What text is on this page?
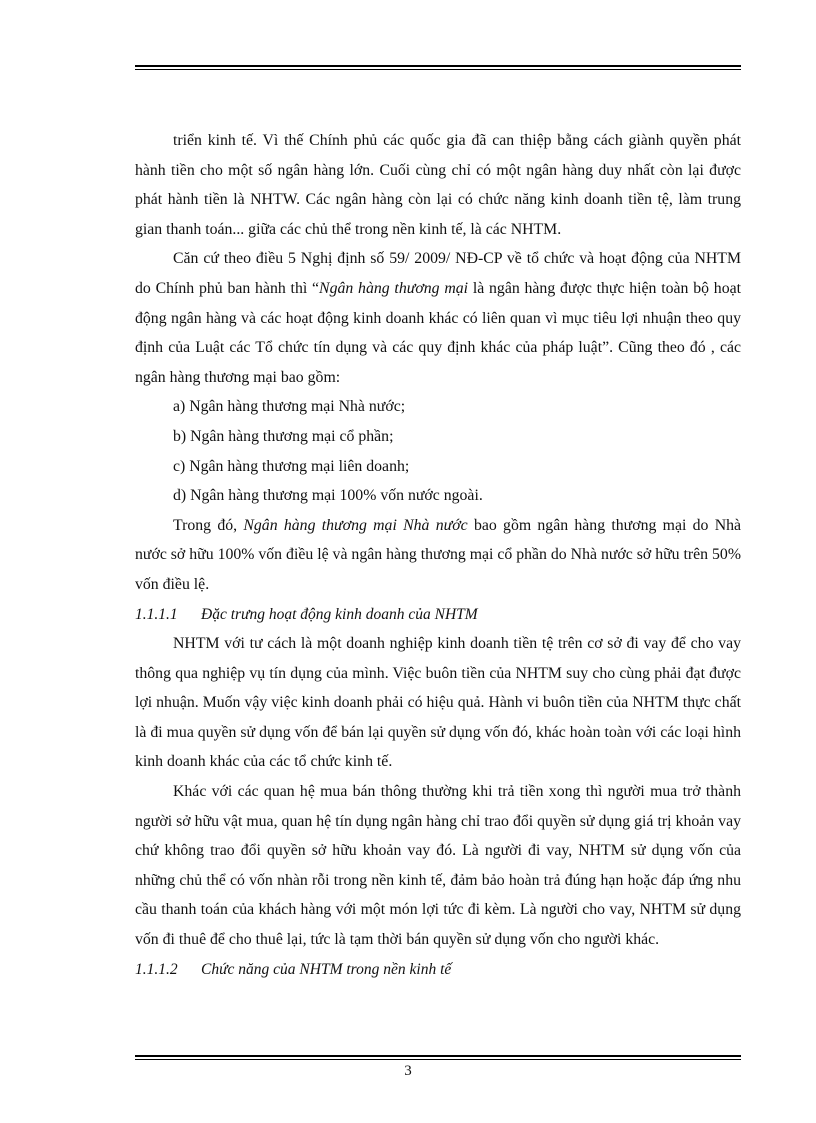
triển kinh tế. Vì thế Chính phủ các quốc gia đã can thiệp bằng cách giành quyền phát hành tiền cho một số ngân hàng lớn. Cuối cùng chỉ có một ngân hàng duy nhất còn lại được phát hành tiền là NHTW. Các ngân hàng còn lại có chức năng kinh doanh tiền tệ, làm trung gian thanh toán... giữa các chủ thể trong nền kinh tế, là các NHTM.

Căn cứ theo điều 5 Nghị định số 59/ 2009/ NĐ-CP về tổ chức và hoạt động của NHTM do Chính phủ ban hành thì “Ngân hàng thương mại là ngân hàng được thực hiện toàn bộ hoạt động ngân hàng và các hoạt động kinh doanh khác có liên quan vì mục tiêu lợi nhuận theo quy định của Luật các Tổ chức tín dụng và các quy định khác của pháp luật”. Cũng theo đó , các ngân hàng thương mại bao gồm:

a) Ngân hàng thương mại Nhà nước;

b) Ngân hàng thương mại cổ phần;

c) Ngân hàng thương mại liên doanh;

d) Ngân hàng thương mại 100% vốn nước ngoài.

Trong đó, Ngân hàng thương mại Nhà nước bao gồm ngân hàng thương mại do Nhà nước sở hữu 100% vốn điều lệ và ngân hàng thương mại cổ phần do Nhà nước sở hữu trên 50% vốn điều lệ.

1.1.1.1 Đặc trưng hoạt động kinh doanh của NHTM

NHTM với tư cách là một doanh nghiệp kinh doanh tiền tệ trên cơ sở đi vay để cho vay thông qua nghiệp vụ tín dụng của mình. Việc buôn tiền của NHTM suy cho cùng phải đạt được lợi nhuận. Muốn vậy việc kinh doanh phải có hiệu quả. Hành vi buôn tiền của NHTM thực chất là đi mua quyền sử dụng vốn để bán lại quyền sử dụng vốn đó, khác hoàn toàn với các loại hình kinh doanh khác của các tổ chức kinh tế.

Khác với các quan hệ mua bán thông thường khi trả tiền xong thì người mua trở thành người sở hữu vật mua, quan hệ tín dụng ngân hàng chỉ trao đổi quyền sử dụng giá trị khoản vay chứ không trao đổi quyền sở hữu khoản vay đó. Là người đi vay, NHTM sử dụng vốn của những chủ thể có vốn nhàn rỗi trong nền kinh tế, đảm bảo hoàn trả đúng hạn hoặc đáp ứng nhu cầu thanh toán của khách hàng với một món lợi tức đi kèm. Là người cho vay, NHTM sử dụng vốn đi thuê để cho thuê lại, tức là tạm thời bán quyền sử dụng vốn cho người khác.

1.1.1.2 Chức năng của NHTM trong nền kinh tế

3
